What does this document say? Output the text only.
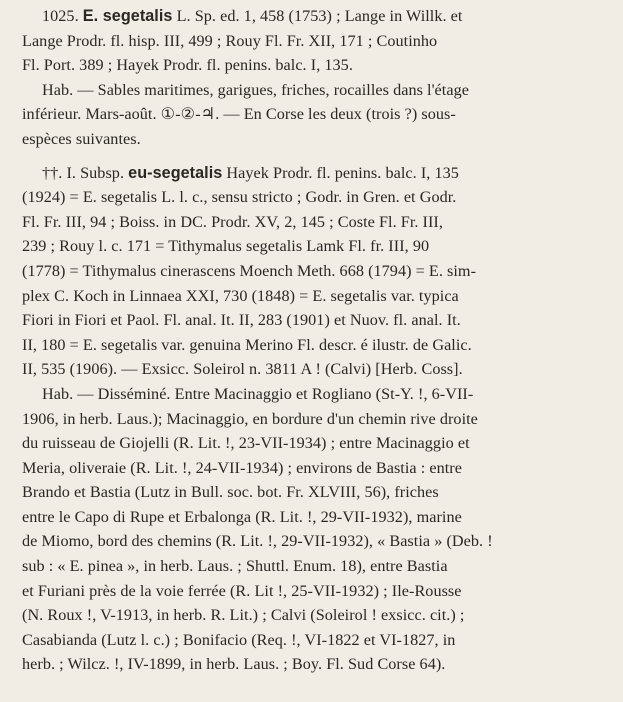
1025. E. segetalis L. Sp. ed. 1, 458 (1753) ; Lange in Willk. et
Lange Prodr. fl. hisp. III, 499 ; Rouy Fl. Fr. XII, 171 ; Coutinho
Fl. Port. 389 ; Hayek Prodr. fl. penins. balc. I, 135.
Hab. — Sables maritimes, garigues, friches, rocailles dans l'étage
inférieur. Mars-août. ①-②-♃. — En Corse les deux (trois ?) sous-
espèces suivantes.
††. I. Subsp. eu-segetalis Hayek Prodr. fl. penins. balc. I, 135
(1924) = E. segetalis L. l. c., sensu stricto ; Godr. in Gren. et Godr.
Fl. Fr. III, 94 ; Boiss. in DC. Prodr. XV, 2, 145 ; Coste Fl. Fr. III,
239 ; Rouy l. c. 171 = Tithymalus segetalis Lamk Fl. fr. III, 90
(1778) = Tithymalus cinerascens Moench Meth. 668 (1794) = E. sim-
plex C. Koch in Linnaea XXI, 730 (1848) = E. segetalis var. typica
Fiori in Fiori et Paol. Fl. anal. It. II, 283 (1901) et Nuov. fl. anal. It.
II, 180 = E. segetalis var. genuina Merino Fl. descr. é ilustr. de Galic.
II, 535 (1906). — Exsicc. Soleirol n. 3811 A ! (Calvi) [Herb. Coss].
Hab. — Disséminé. Entre Macinaggio et Rogliano (St-Y. !, 6-VII-
1906, in herb. Laus.); Macinaggio, en bordure d'un chemin rive droite
du ruisseau de Giojelli (R. Lit. !, 23-VII-1934) ; entre Macinaggio et
Meria, oliveraie (R. Lit. !, 24-VII-1934) ; environs de Bastia : entre
Brando et Bastia (Lutz in Bull. soc. bot. Fr. XLVIII, 56), friches
entre le Capo di Rupe et Erbalonga (R. Lit. !, 29-VII-1932), marine
de Miomo, bord des chemins (R. Lit. !, 29-VII-1932), « Bastia » (Deb. !
sub : « E. pinea », in herb. Laus. ; Shuttl. Enum. 18), entre Bastia
et Furiani près de la voie ferrée (R. Lit !, 25-VII-1932) ; Ile-Rousse
(N. Roux !, V-1913, in herb. R. Lit.) ; Calvi (Soleirol ! exsicc. cit.) ;
Casabianda (Lutz l. c.) ; Bonifacio (Req. !, VI-1822 et VI-1827, in
herb. ; Wilcz. !, IV-1899, in herb. Laus. ; Boy. Fl. Sud Corse 64).
